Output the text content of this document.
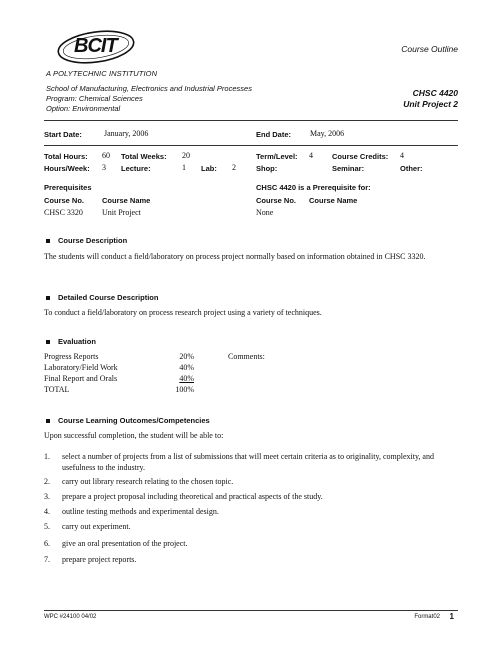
BCIT
A POLYTECHNIC INSTITUTION
Course Outline
School of Manufacturing, Electronics and Industrial Processes
Program: Chemical Sciences
Option: Environmental
CHSC 4420
Unit Project 2
Start Date:	January, 2006	End Date: May, 2006
Total Hours: 60 Total Weeks: 20	Term/Level: 4	Course Credits: 4
Hours/Week: 3 Lecture:	1 Lab: 2	Shop:	Seminar:	Other:
Prerequisites
Course No. Course Name
CHSC 3320 Unit Project
CHSC 4420 is a Prerequisite for:
Course No. Course Name
None
Course Description
The students will conduct a field/laboratory on process project normally based on information obtained in CHSC 3320.
Detailed Course Description
To conduct a field/laboratory on process research project using a variety of techniques.
Evaluation
Progress Reports	20%
Laboratory/Field Work	40%
Final Report and Orals	40%
TOTAL	100%
Comments:
Course Learning Outcomes/Competencies
Upon successful completion, the student will be able to:
1. select a number of projects from a list of submissions that will meet certain criteria as to originality, complexity, and usefulness to the industry.
2. carry out library research relating to the chosen topic.
3. prepare a project proposal including theoretical and practical aspects of the study.
4. outline testing methods and experimental design.
5. carry out experiment.
6. give an oral presentation of the project.
7. prepare project reports.
WPC #24100 04/02	Format02 1
